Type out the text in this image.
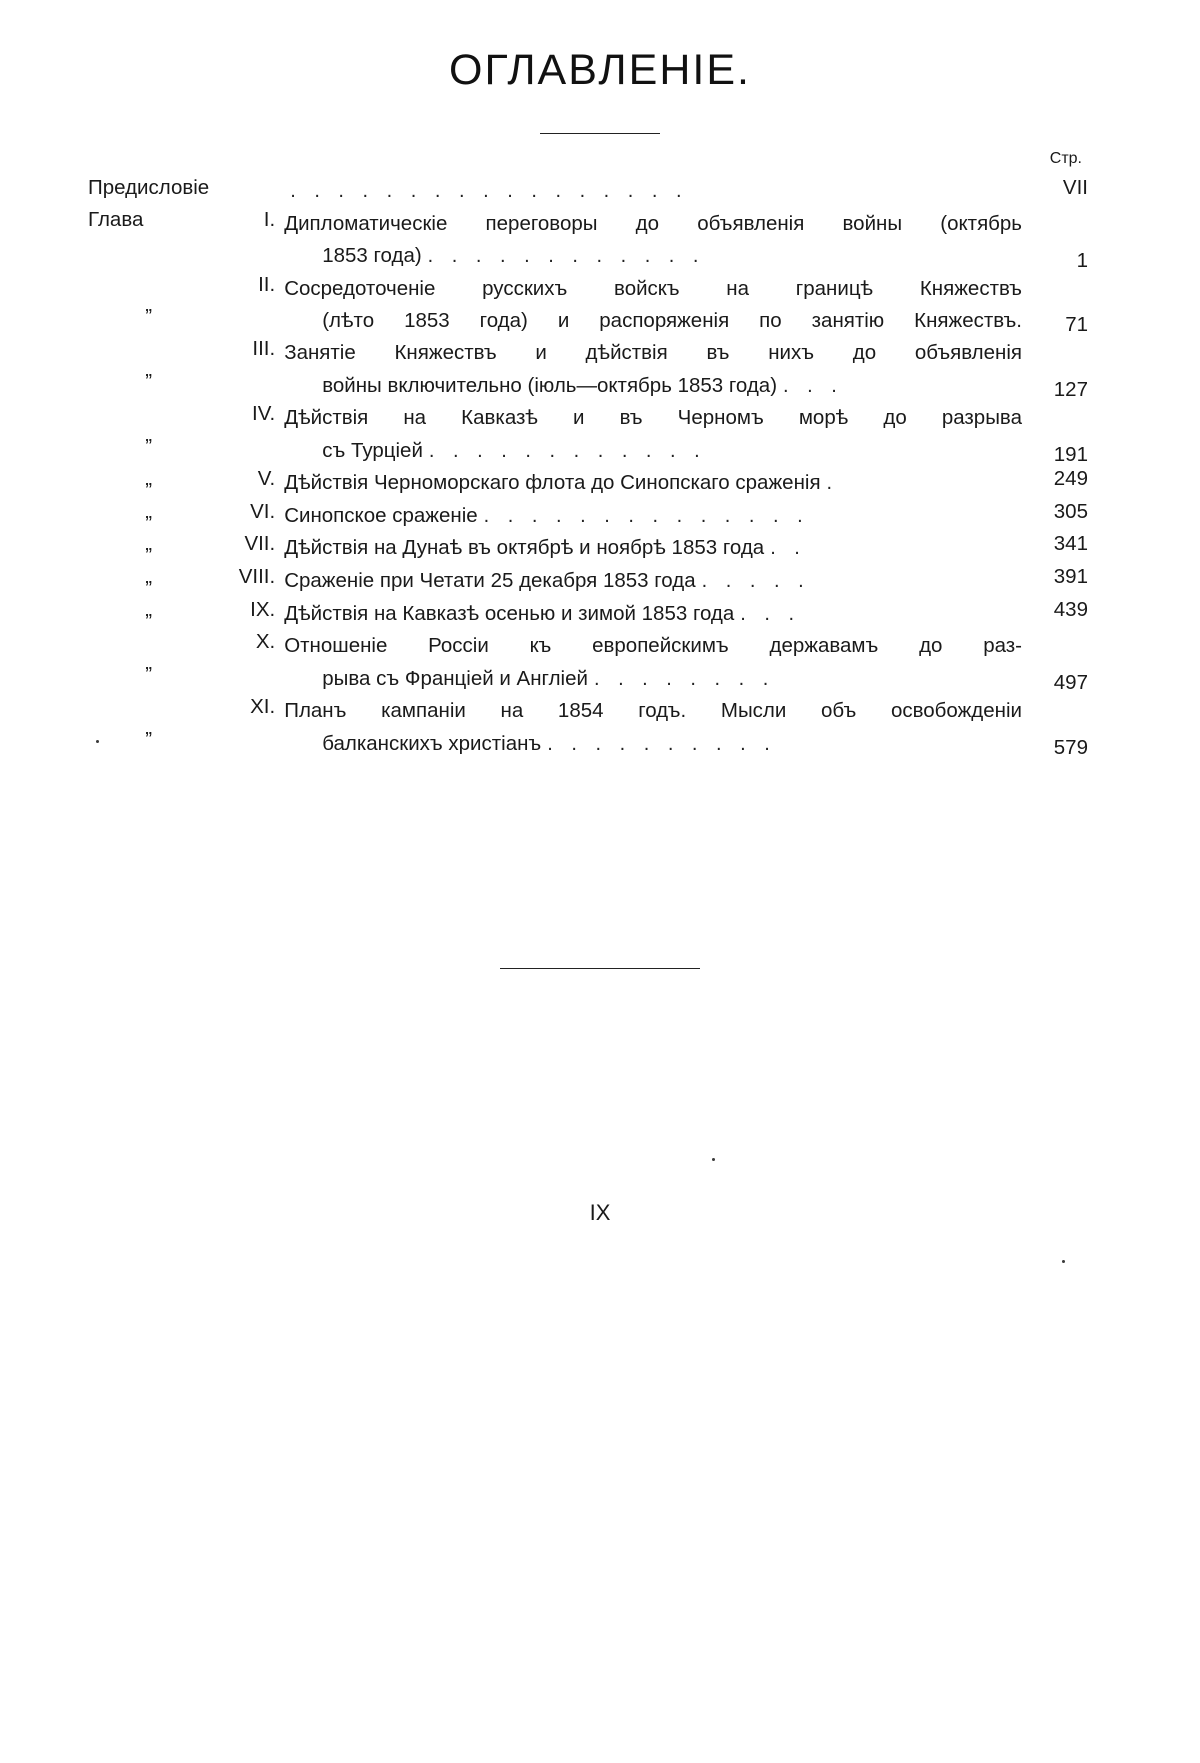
ОГЛАВЛЕНІЕ.
Стр.
Предисловіе		. . . . . . . . . . . . . . . . .	VII
Глава	I.	Дипломатическіе переговоры до объявленія войны (октябрь
1853 года) . . . . . . . . . . . .	1
„	II.	Сосредоточеніе русскихъ войскъ на границѣ Княжествъ
(лѣто 1853 года) и распоряженія по занятію Княжествъ.	71
„	III.	Занятіе Княжествъ и дѣйствія въ нихъ до объявленія
войны включительно (іюль—октябрь 1853 года) . . .	127
„	IV.	Дѣйствія на Кавказѣ и въ Черномъ морѣ до разрыва
съ Турціей . . . . . . . . . . . .	191
„	V.	Дѣйствія Черноморскаго флота до Синопскаго сраженія .	249
„	VI.	Синопское сраженіе . . . . . . . . . . . . . .	305
„	VII.	Дѣйствія на Дунаѣ въ октябрѣ и ноябрѣ 1853 года . .	341
„	VIII.	Сраженіе при Четати 25 декабря 1853 года . . . . .	391
„	IX.	Дѣйствія на Кавказѣ осенью и зимой 1853 года . . .	439
„	X.	Отношеніе Россіи къ европейскимъ державамъ до раз-
рыва съ Франціей и Англіей . . . . . . . .	497
„	XI.	Планъ кампаніи на 1854 годъ. Мысли объ освобожденіи
балканскихъ христіанъ . . . . . . . . . .	579
IX
